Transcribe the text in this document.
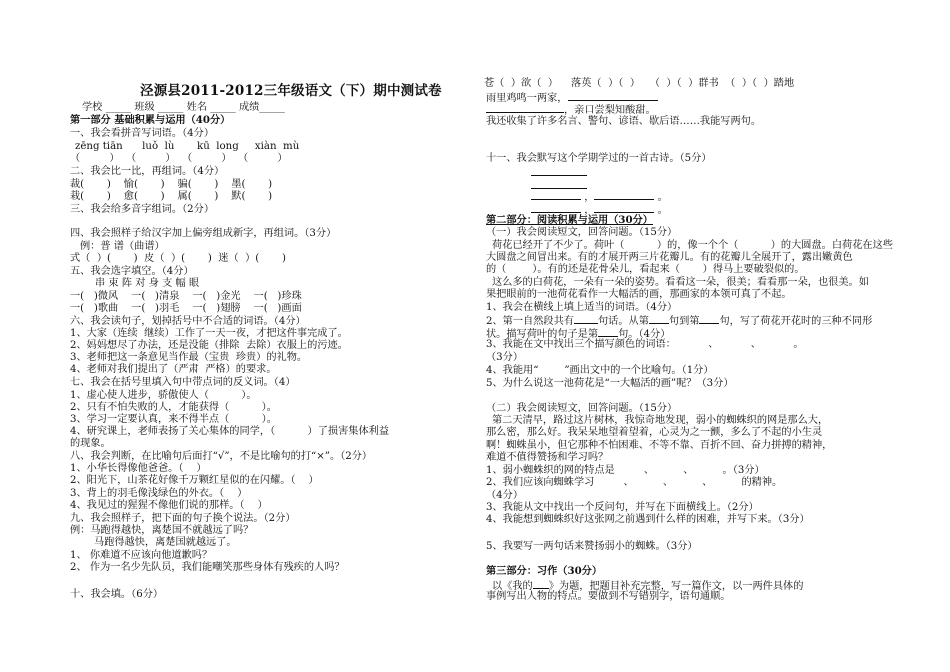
泾源县2011-2012三年级语文（下）期中测试卷
学校 _____ 班级 _____ 姓名 _____ 成绩_____
第一部分 基础积累与运用（40分）
一、我会看拼音写词语。（4分）
zēng tiān      luǒ  lù       kū  long     xiàn  mù
（         ）  （         ）  （         ）  （         ）
二、我会比一比，再组词。（4分）
裁(       )    愉(       )    骗(       )    墨(       )
栽(       )    愈(       )    属(       )    默(       )
三、我会给多音字组词。（2分）
四、我会照样子给汉字加上偏旁组成新字，再组词。（3分）
例：普 谱（曲谱）
式（  ）(       )  皮（  ）(       )  迷（  ）(       )
五、我会选字填空。（4分）
串 束 阵 对 身 支 幅 眼
一(   )微风    一(   )清泉    一(   )金光    一(   )珍珠
一(   )歌曲    一(   )羽毛    一(   )翅膀    一(   )画面
六、我会读句子，划掉括号中不合适的词语。（4分）
1、大家（连续  继续）工作了一天一夜，才把这件事完成了。
2、妈妈想尽了办法，还是没能（排除  去除）衣服上的污迹。
3、老师把这一条意见当作最（宝贵  珍贵）的礼物。
4、老师对我们提出了（严肃  严格）的要求。
七、我会在括号里填入句中带点词的反义词。（4）
1、虚心使人进步，骄傲使人（          ）。
2、只有不怕失败的人，才能获得（          ）。
3、学习一定要认真，来不得半点（          ）。
4、研究课上，老师表扬了关心集体的同学，（          ）了损害集体利益
的现象。
八、我会判断，在比喻句后面打“√”，不是比喻句的打“×”。（2分）
1、小华长得像他爸爸。（    ）
2、阳光下，山茶花好像千万颗红星似的在闪耀。（    ）
3、背上的羽毛像浅绿色的外衣。（    ）
4、我见过的猩猩不像他们说的那样。（    ）
九、我会照样子，把下面的句子换个说法。（2分）
例：马跑得越快，离楚国不就越远了吗？
马跑得越快，离楚国就越远了。
1、 你难道不应该向他道歉吗？
2、 作为一名少先队员，我们能嘲笑那些身体有残疾的人吗？
十、我会填。（6分）
苍（  ）欲（  ）    落英（  ）（  ）   （  ）（  ）群书  （  ）（  ）踏地
雨里鸡鸣一两家，
，亲口尝梨知酸甜。
我还收集了许多名言、警句、谚语、歇后语……我能写两句。
十一、我会默写这个学期学过的一首古诗。（5分）
，	。
，	。
第二部分：阅读积累与运用（30分）
（一）我会阅读短文，回答问题。（15分）
荷花已经开了不少了。荷叶（          ）的，像一个个（          ）的大圆盘。白荷花在这些
大圆盘之间冒出来。有的才展开两三片花瓣儿。有的花瓣儿全展开了，露出嫩黄色
的（        ）。有的还是花骨朵儿，看起来（       ）得马上要破裂似的。
这么多的白荷花，一朵有一朵的姿势。看看这一朵，很美；看看那一朵，也很美。如
果把眼前的一池荷花看作一大幅活的画，那画家的本领可真了不起。
1、我会在横线上填上适当的词语。（4分）
2、第一自然段共有 句话。从第 句到第 句，写了荷花开花时的三种不同形
状。描写荷叶的句子是第 句。（4分）
3、我能在文中找出三个描写颜色的词语：          、          、          。
（3分）
4、我能用“        ”画出文中的一个比喻句。（1分）
5、为什么说这一池荷花是“一大幅活的画”呢？（3分）
（二）我会阅读短文，回答问题。（15分）
第二天清早，路过这片树林，我惊奇地发现，弱小的蜘蛛织的网是那么大，
那么密，那么好。我呆呆地望着望着，心灵为之一颤，多么了不起的小生灵
啊！蜘蛛虽小，但它那种不怕困难、不等不靠、百折不回、奋力拼搏的精神，
难道不值得赞扬和学习吗？
1、弱小蜘蛛织的网的特点是         、         、         。（3分）
2、我们应该向蜘蛛学习         、         、         、         的精神。
（4分）
3、我能从文中找出一个反问句，并写在下面横线上。（2分）
4、我能想到蜘蛛织好这张网之前遇到什么样的困难，并写下来。（3分）
5、我要写一两句话来赞扬弱小的蜘蛛。（3分）
第三部分：习作（30分）
以《我的 》为题，把题目补充完整，写一篇作文，以一两件具体的
事例写出人物的特点。要做到不写错别字，语句通顺。
